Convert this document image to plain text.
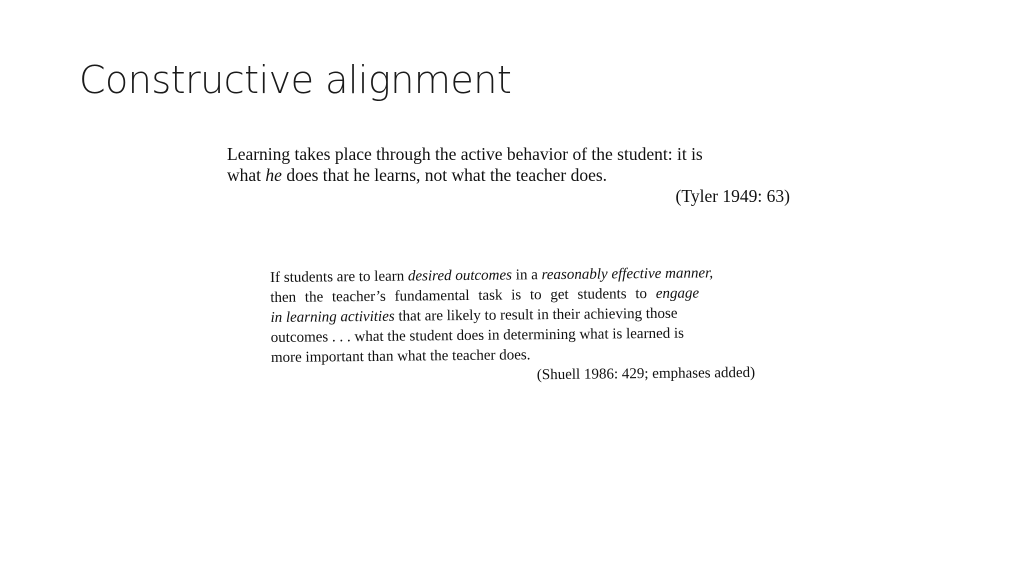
Constructive alignment
Learning takes place through the active behavior of the student: it is
what he does that he learns, not what the teacher does.
(Tyler 1949: 63)
If students are to learn desired outcomes in a reasonably effective manner,
then the teacher’s fundamental task is to get students to engage
in learning activities that are likely to result in their achieving those
outcomes . . . what the student does in determining what is learned is
more important than what the teacher does.
(Shuell 1986: 429; emphases added)
